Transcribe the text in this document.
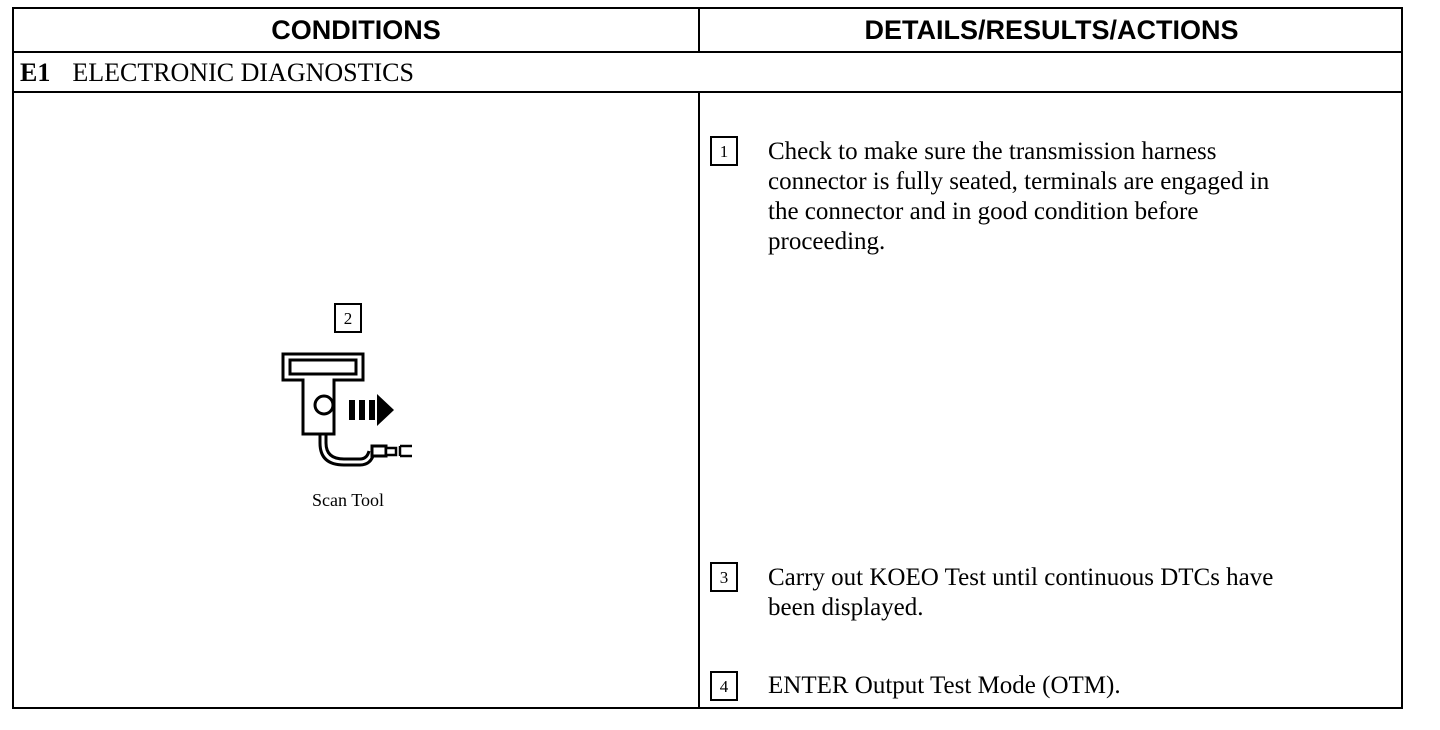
CONDITIONS	DETAILS/RESULTS/ACTIONS
E1 ELECTRONIC DIAGNOSTICS
2
Scan Tool
1	Check to make sure the transmission harness
connector is fully seated, terminals are engaged in
the connector and in good condition before
proceeding.
3	Carry out KOEO Test until continuous DTCs have
been displayed.
4	ENTER Output Test Mode (OTM).
